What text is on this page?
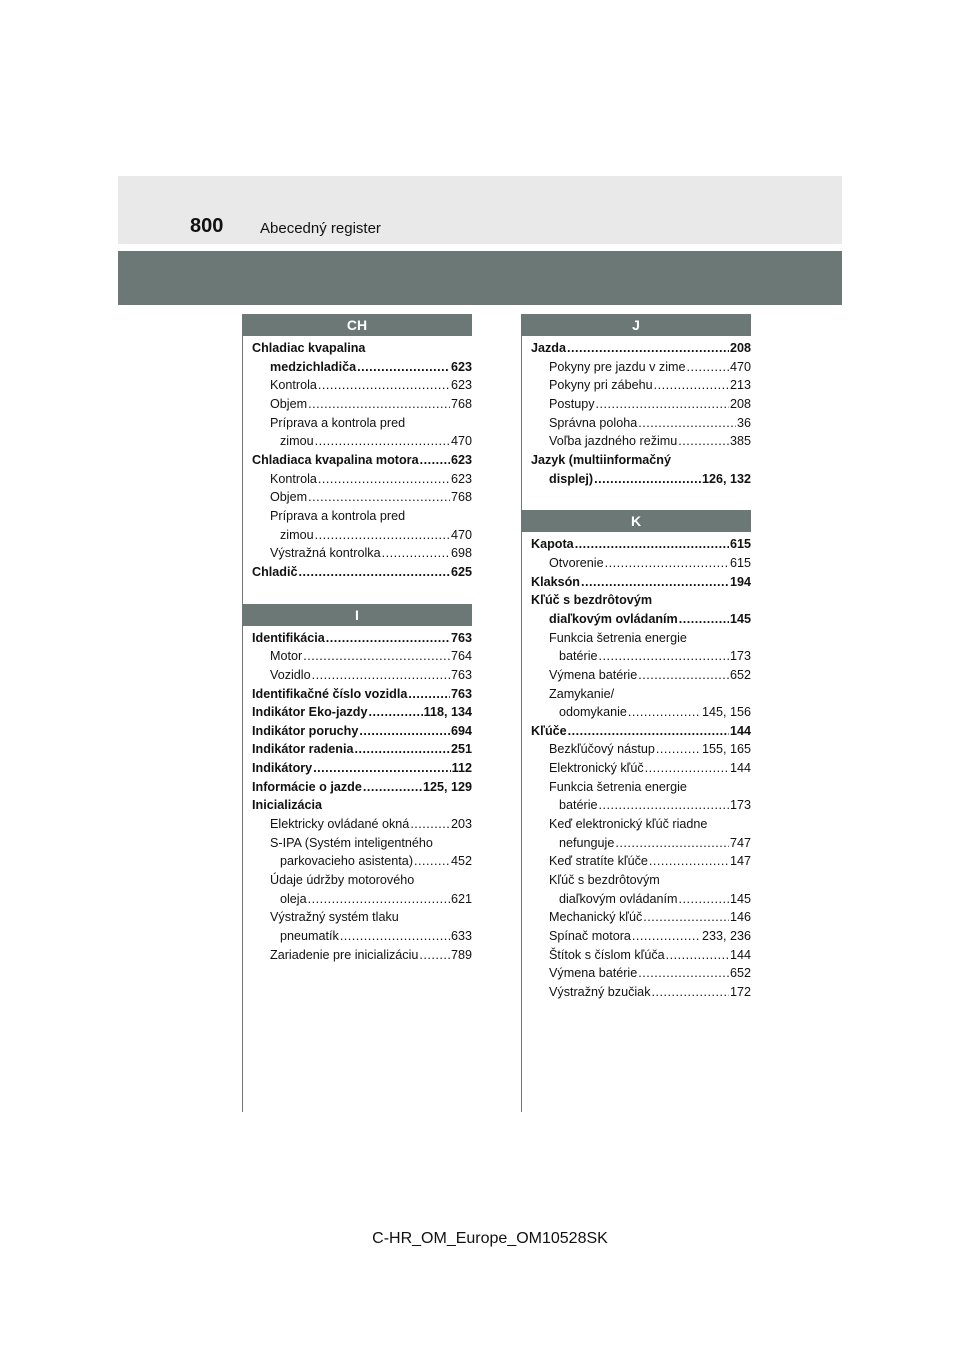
800 Abecedný register
CH
Chladiac kvapalina
medzichladiča .....	623
Kontrola .....	623
Objem .....	768
Príprava a kontrola pred
zimou .....	470
Chladiaca kvapalina motora .....	623
Kontrola .....	623
Objem .....	768
Príprava a kontrola pred
zimou .....	470
Výstražná kontrolka .....	698
Chladič .....	625
I
Identifikácia .....	763
Motor .....	764
Vozidlo .....	763
Identifikačné číslo vozidla .....	763
Indikátor Eko-jazdy .....	118, 134
Indikátor poruchy .....	694
Indikátor radenia .....	251
Indikátory .....	112
Informácie o jazde .....	125, 129
Inicializácia
Elektricky ovládané okná .....	203
S-IPA (Systém inteligentného
parkovacieho asistenta) .....	452
Údaje údržby motorového
oleja .....	621
Výstražný systém tlaku
pneumatík .....	633
Zariadenie pre inicializáciu .....	789
J
Jazda .....	208
Pokyny pre jazdu v zime .....	470
Pokyny pri zábehu .....	213
Postupy .....	208
Správna poloha .....	36
Voľba jazdného režimu .....	385
Jazyk (multiinformačný
displej) .....	126, 132
K
Kapota .....	615
Otvorenie .....	615
Klaksón .....	194
Kľúč s bezdrôtovým
diaľkovým ovládaním .....	145
Funkcia šetrenia energie
batérie .....	173
Výmena batérie .....	652
Zamykanie/
odomykanie .....	145, 156
Kľúče .....	144
Bezkľúčový nástup .....	155, 165
Elektronický kľúč .....	144
Funkcia šetrenia energie
batérie .....	173
Keď elektronický kľúč riadne
nefunguje .....	747
Keď stratíte kľúče .....	147
Kľúč s bezdrôtovým
diaľkovým ovládaním .....	145
Mechanický kľúč .....	146
Spínač motora .....	233, 236
Štítok s číslom kľúča .....	144
Výmena batérie .....	652
Výstražný bzučiak .....	172
C-HR_OM_Europe_OM10528SK
